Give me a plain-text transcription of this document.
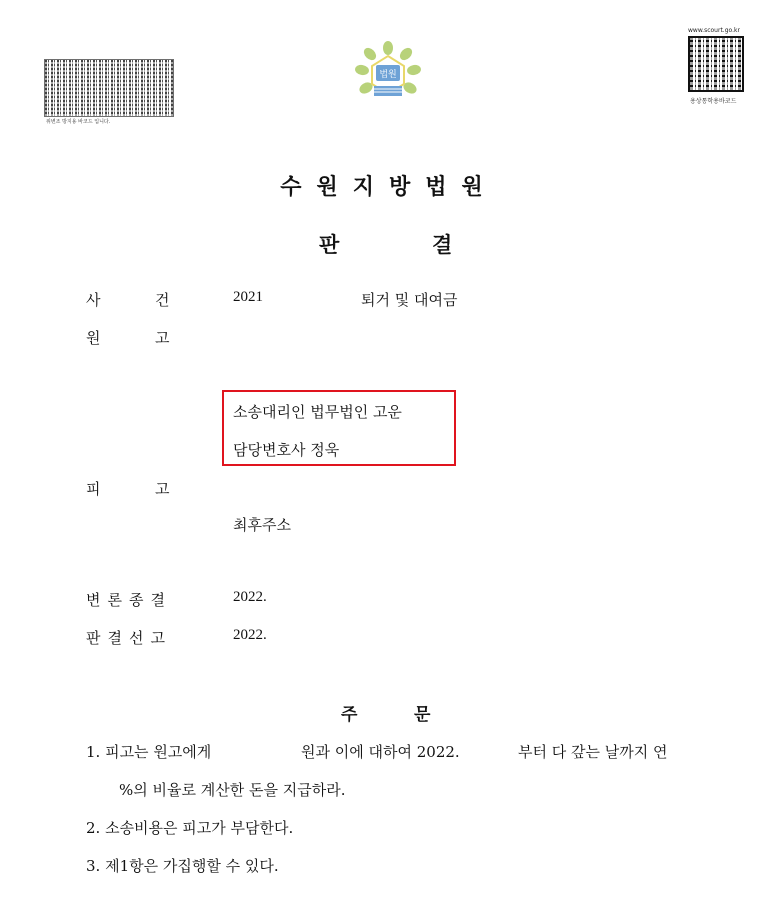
위변조 방지용 바코드 입니다.
법원
www.scourt.go.kr
용상통학용바코드
수원지방법원
판	결
사	건	2021	퇴거 및 대여금
원	고
소송대리인 법무법인 고운
담당변호사 정욱
피	고
최후주소
변론종결	2022.
판결선고	2022.
주	문
1. 피고는 원고에게	원과 이에 대하여 2022.	부터 다 갚는 날까지 연
%의 비율로 계산한 돈을 지급하라.
2. 소송비용은 피고가 부담한다.
3. 제1항은 가집행할 수 있다.
